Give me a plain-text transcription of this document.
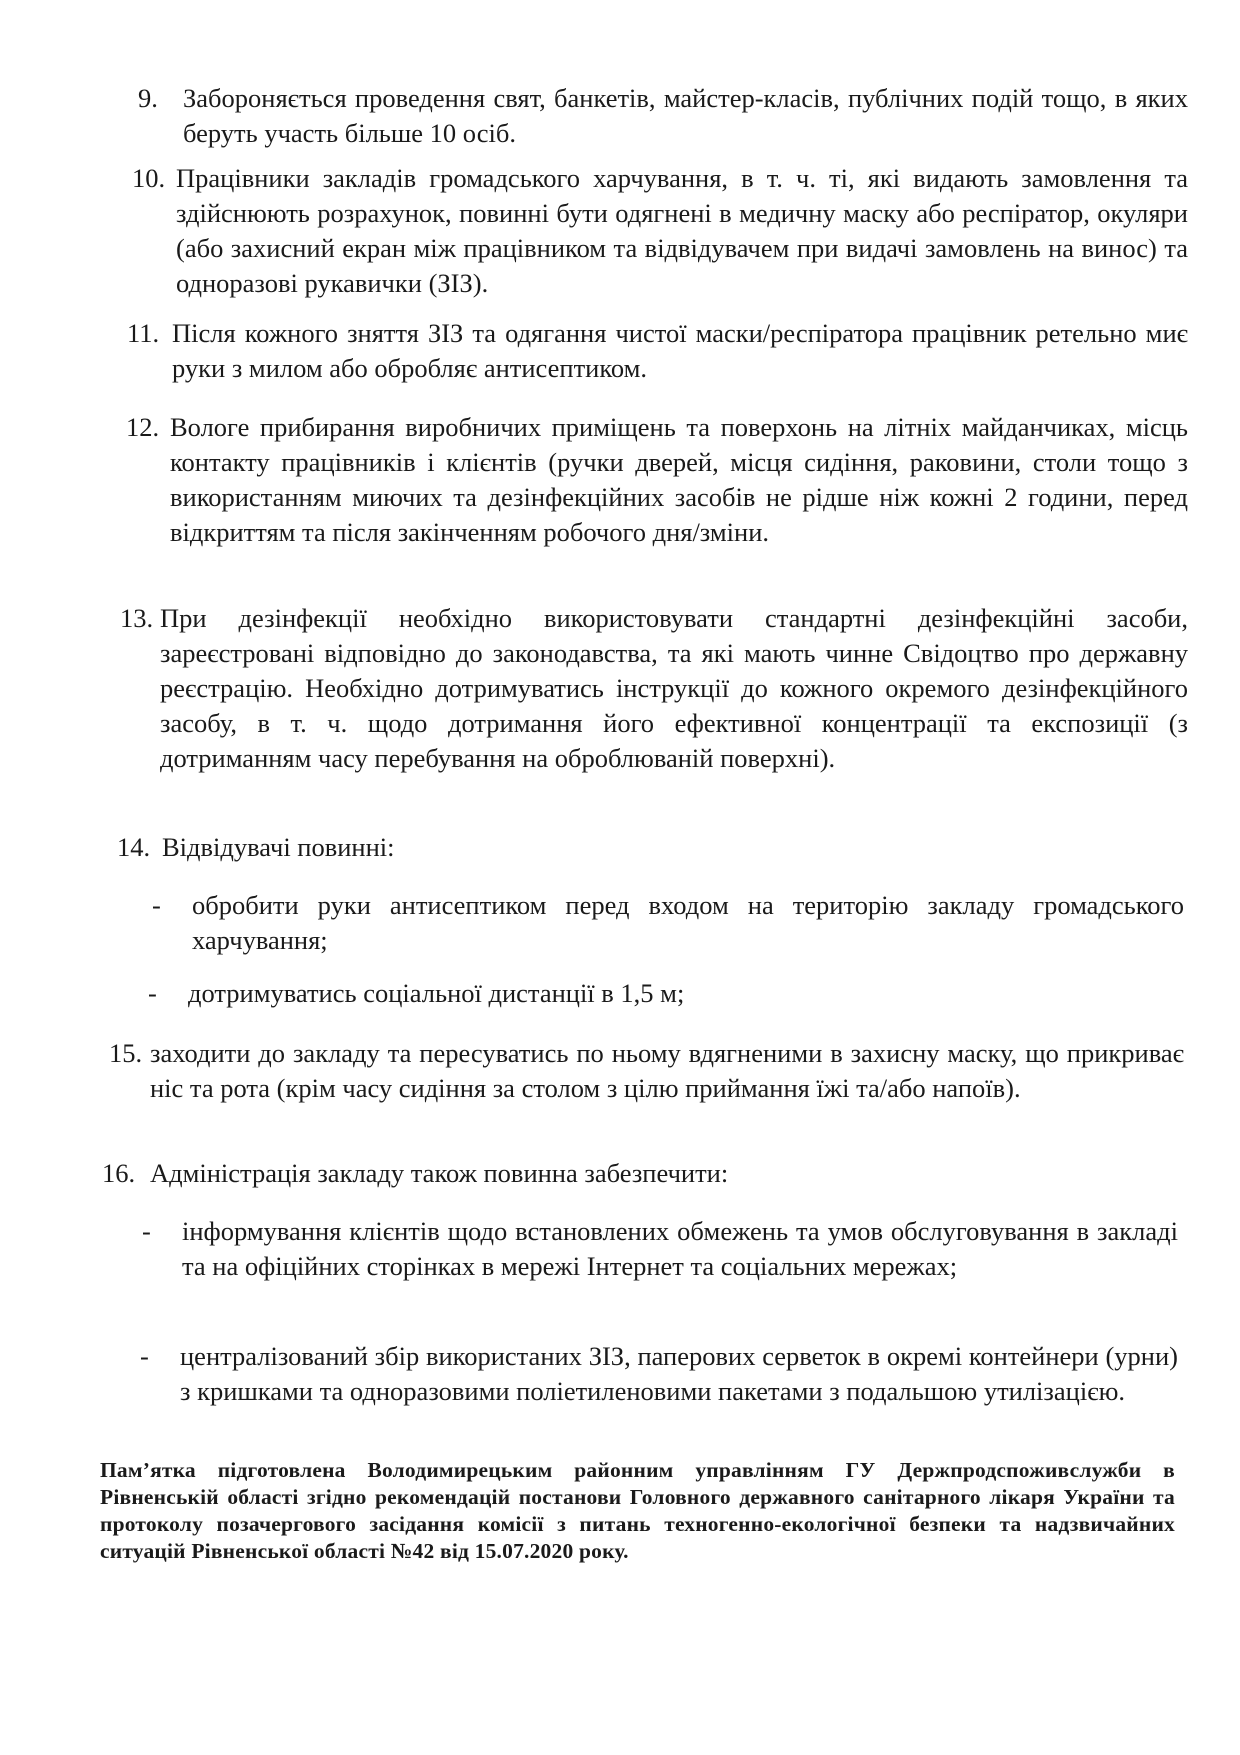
9. Забороняється проведення свят, банкетів, майстер-класів, публічних подій тощо, в яких беруть участь більше 10 осіб.
10. Працівники закладів громадського харчування, в т. ч. ті, які видають замовлення та здійснюють розрахунок, повинні бути одягнені в медичну маску або респіратор, окуляри (або захисний екран між працівником та відвідувачем при видачі замовлень на винос) та одноразові рукавички (ЗІЗ).
11. Після кожного зняття ЗІЗ та одягання чистої маски/респіратора працівник ретельно миє руки з милом або обробляє антисептиком.
12. Вологе прибирання виробничих приміщень та поверхонь на літніх майданчиках, місць контакту працівників і клієнтів (ручки дверей, місця сидіння, раковини, столи тощо з використанням миючих та дезінфекційних засобів не рідше ніж кожні 2 години, перед відкриттям та після закінченням робочого дня/зміни.
13. При дезінфекції необхідно використовувати стандартні дезінфекційні засоби, зареєстровані відповідно до законодавства, та які мають чинне Свідоцтво про державну реєстрацію. Необхідно дотримуватись інструкції до кожного окремого дезінфекційного засобу, в т. ч. щодо дотримання його ефективної концентрації та експозиції (з дотриманням часу перебування на оброблюваній поверхні).
14. Відвідувачі повинні:
- обробити руки антисептиком перед входом на територію закладу громадського харчування;
- дотримуватись соціальної дистанції в 1,5 м;
15. заходити до закладу та пересуватись по ньому вдягненими в захисну маску, що прикриває ніс та рота (крім часу сидіння за столом з цілю приймання їжі та/або напоїв).
16. Адміністрація закладу також повинна забезпечити:
- інформування клієнтів щодо встановлених обмежень та умов обслуговування в закладі та на офіційних сторінках в мережі Інтернет та соціальних мережах;
- централізований збір використаних ЗІЗ, паперових серветок в окремі контейнери (урни) з кришками та одноразовими поліетиленовими пакетами з подальшою утилізацією.
Пам’ятка підготовлена Володимирецьким районним управлінням ГУ Держпродспоживслужби в Рівненській області згідно рекомендацій постанови Головного державного санітарного лікаря України та протоколу позачергового засідання комісії з питань техногенно-екологічної безпеки та надзвичайних ситуацій Рівненської області №42 від 15.07.2020 року.
